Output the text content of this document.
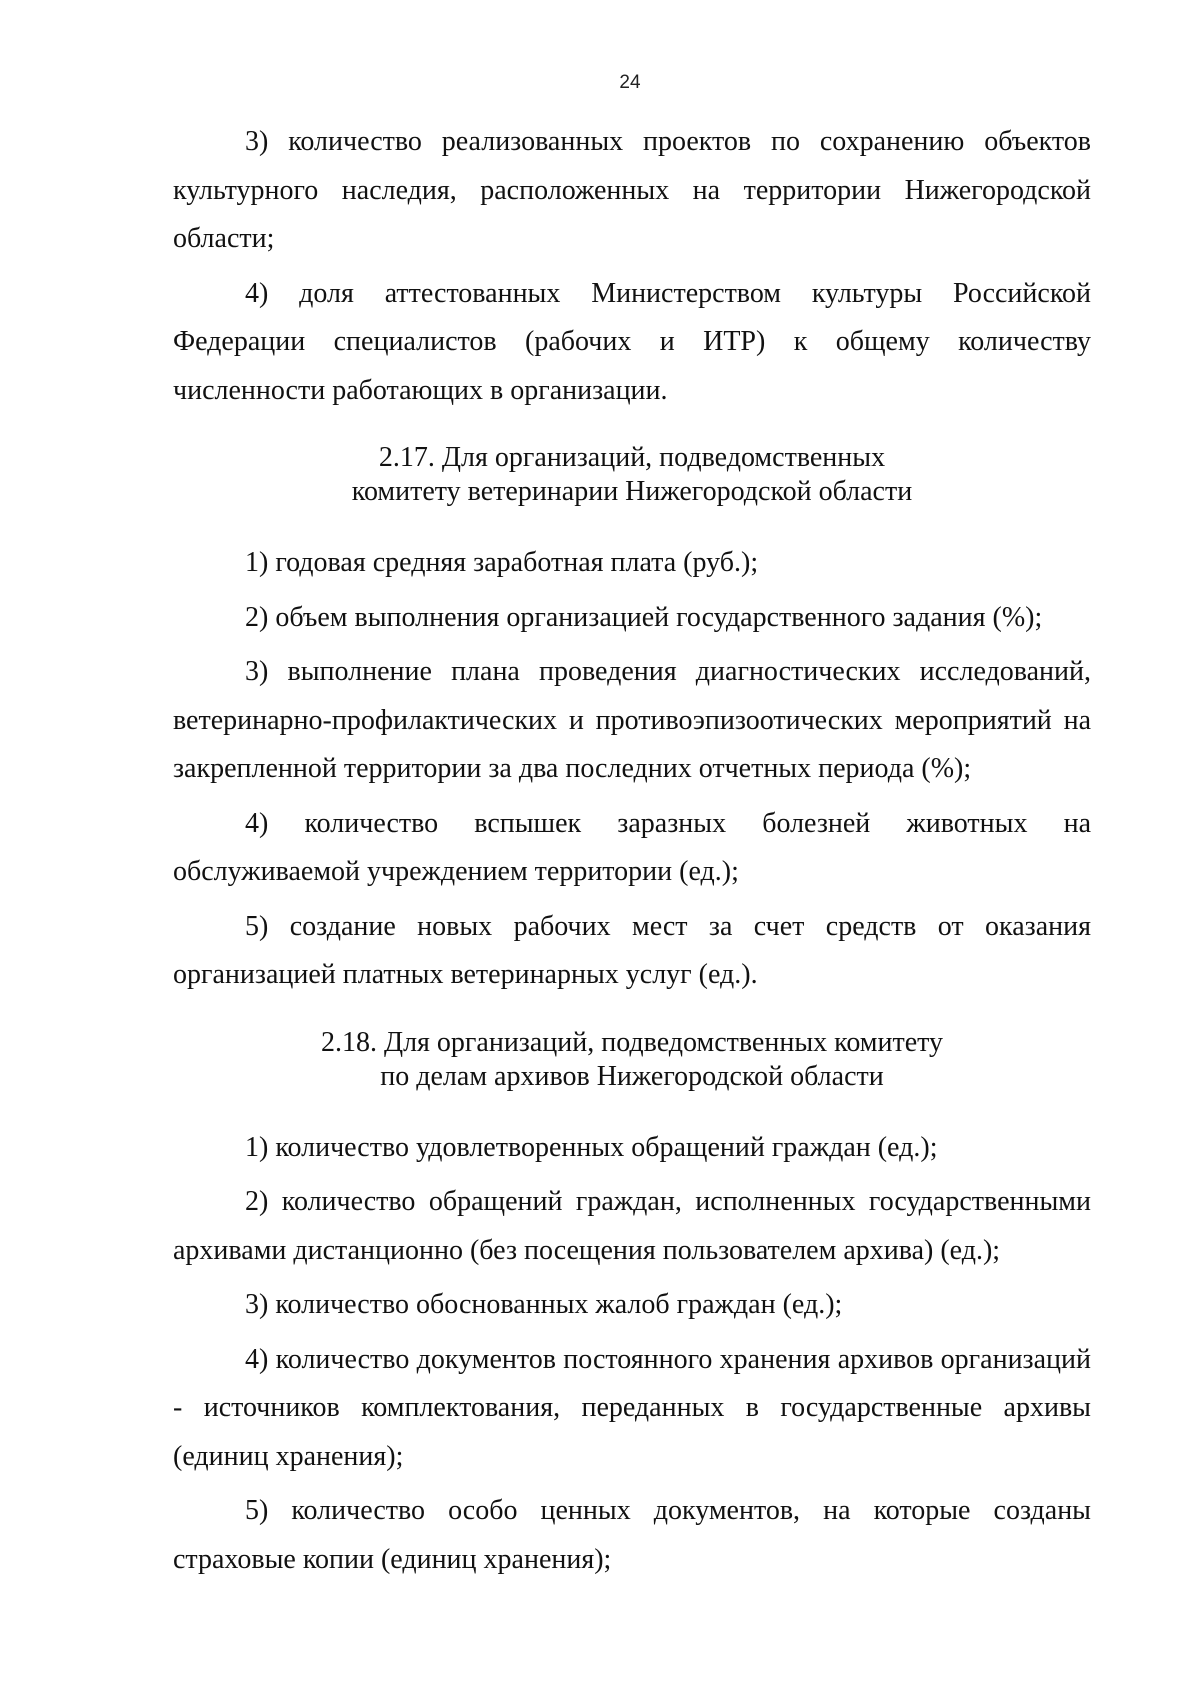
24

3) количество реализованных проектов по сохранению объектов культурного наследия, расположенных на территории Нижегородской области;

4) доля аттестованных Министерством культуры Российской Федерации специалистов (рабочих и ИТР) к общему количеству численности работающих в организации.

2.17. Для организаций, подведомственных
комитету ветеринарии Нижегородской области

1) годовая средняя заработная плата (руб.);

2) объем выполнения организацией государственного задания (%);

3) выполнение плана проведения диагностических исследований, ветеринарно-профилактических и противоэпизоотических мероприятий на закрепленной территории за два последних отчетных периода (%);

4) количество вспышек заразных болезней животных на обслуживаемой учреждением территории (ед.);

5) создание новых рабочих мест за счет средств от оказания организацией платных ветеринарных услуг (ед.).

2.18. Для организаций, подведомственных комитету
по делам архивов Нижегородской области

1) количество удовлетворенных обращений граждан (ед.);

2) количество обращений граждан, исполненных государственными архивами дистанционно (без посещения пользователем архива) (ед.);

3) количество обоснованных жалоб граждан (ед.);

4) количество документов постоянного хранения архивов организаций - источников комплектования, переданных в государственные архивы (единиц хранения);

5) количество особо ценных документов, на которые созданы страховые копии (единиц хранения);
